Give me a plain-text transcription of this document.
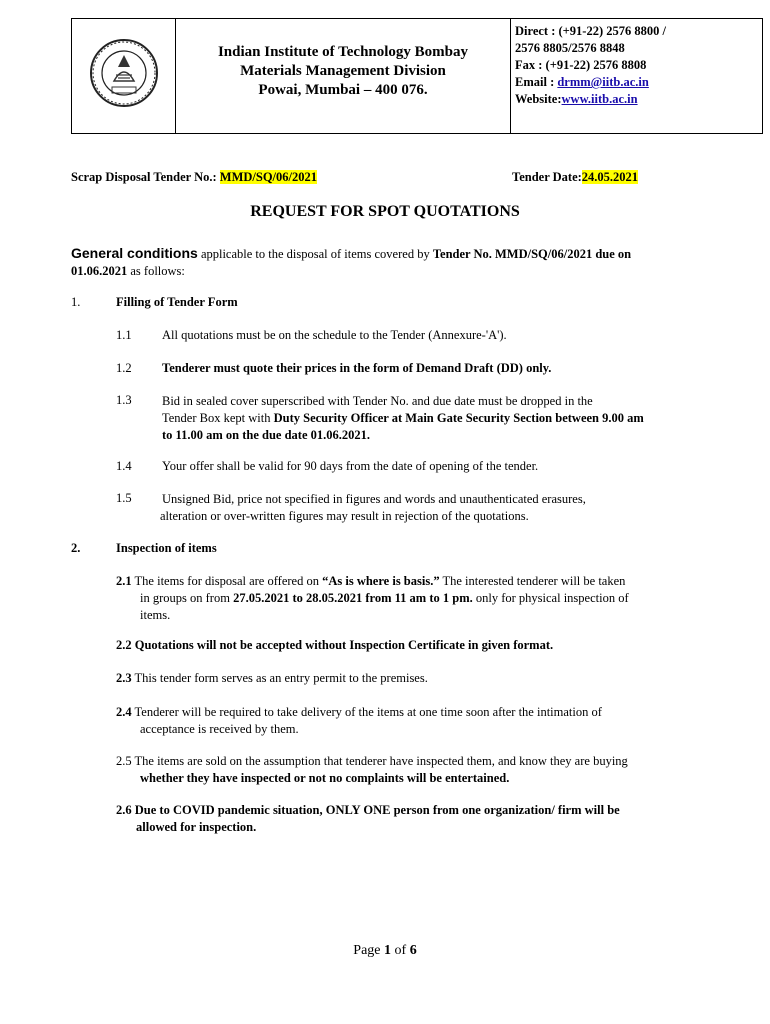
Indian Institute of Technology Bombay
Materials Management Division
Powai, Mumbai – 400 076.
Direct : (+91-22) 2576 8800 /
2576 8805/2576 8848
Fax : (+91-22) 2576 8808
Email : drmm@iitb.ac.in
Website:www.iitb.ac.in
Scrap Disposal Tender No.: MMD/SQ/06/2021	Tender Date:24.05.2021
REQUEST FOR SPOT QUOTATIONS
General conditions applicable to the disposal of items covered by Tender No. MMD/SQ/06/2021 due on
01.06.2021 as follows:
1.	Filling of Tender Form
1.1 All quotations must be on the schedule to the Tender (Annexure-'A').
1.2 Tenderer must quote their prices in the form of Demand Draft (DD) only.
1.3 Bid in sealed cover superscribed with Tender No. and due date must be dropped in the
Tender Box kept with Duty Security Officer at Main Gate Security Section between 9.00 am
to 11.00 am on the due date 01.06.2021.
1.4 Your offer shall be valid for 90 days from the date of opening of the tender.
1.5 Unsigned Bid, price not specified in figures and words and unauthenticated erasures,
alteration or over-written figures may result in rejection of the quotations.
2.	Inspection of items
2.1 The items for disposal are offered on “As is where is basis.” The interested tenderer will be taken
in groups on from 27.05.2021 to 28.05.2021 from 11 am to 1 pm. only for physical inspection of
items.
2.2 Quotations will not be accepted without Inspection Certificate in given format.
2.3 This tender form serves as an entry permit to the premises.
2.4 Tenderer will be required to take delivery of the items at one time soon after the intimation of
acceptance is received by them.
2.5 The items are sold on the assumption that tenderer have inspected them, and know they are buying
whether they have inspected or not no complaints will be entertained.
2.6 Due to COVID pandemic situation, ONLY ONE person from one organization/ firm will be
allowed for inspection.
Page 1 of 6
